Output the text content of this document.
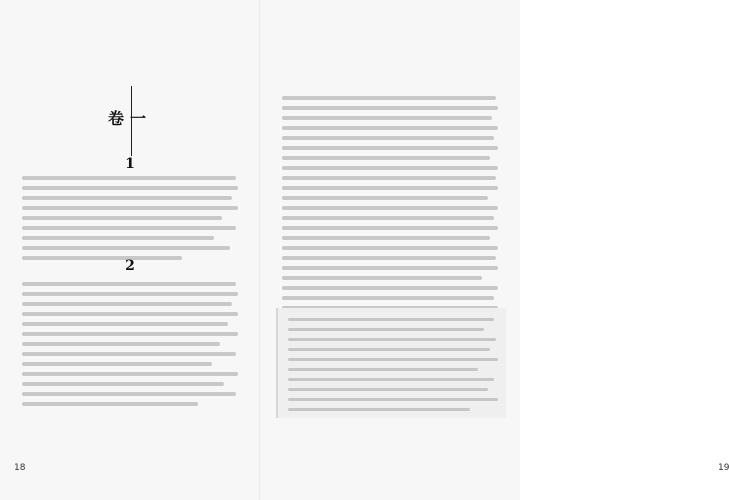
卷一
1
2
18	19
